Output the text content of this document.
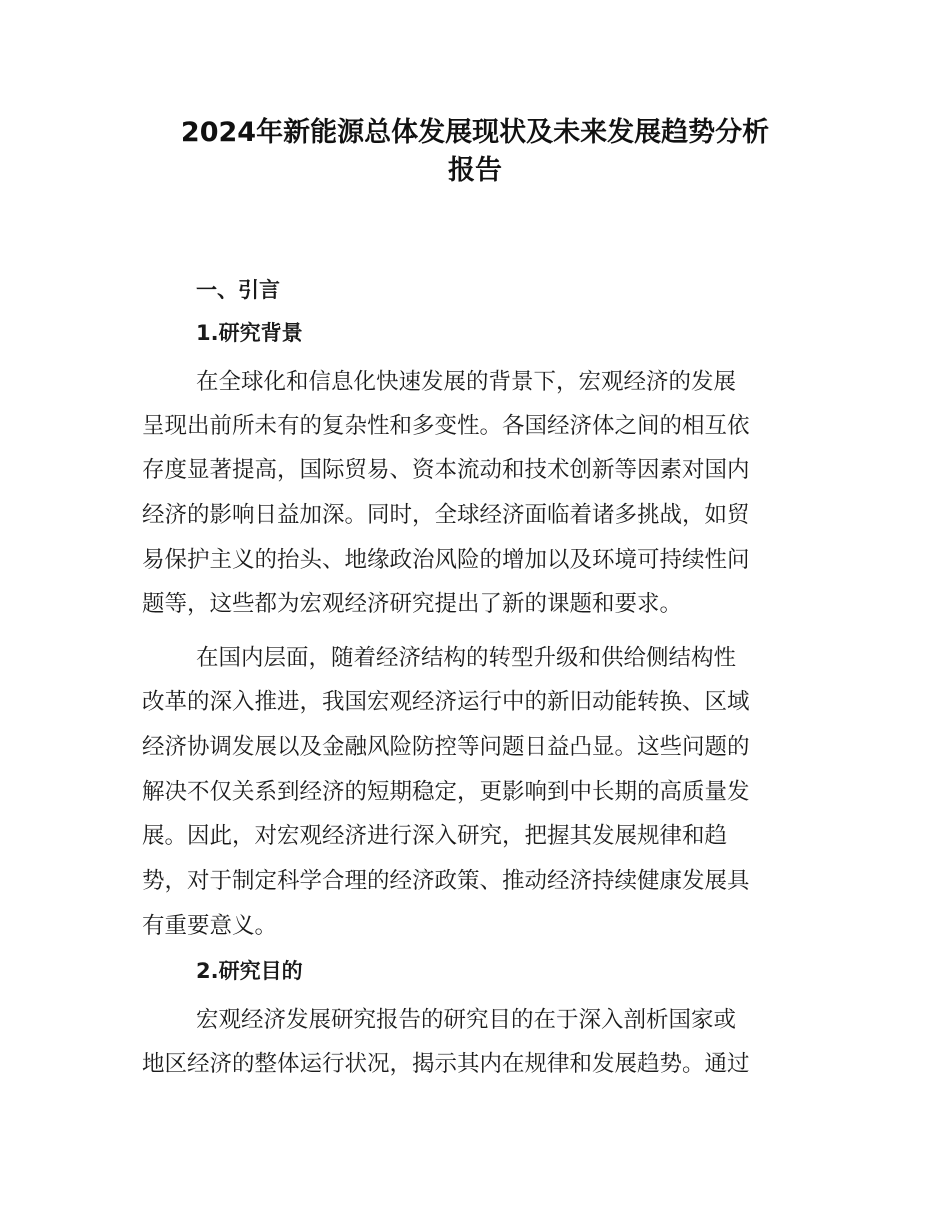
2024年新能源总体发展现状及未来发展趋势分析
报告
一、引言
1.研究背景
在全球化和信息化快速发展的背景下，宏观经济的发展
呈现出前所未有的复杂性和多变性。各国经济体之间的相互依
存度显著提高，国际贸易、资本流动和技术创新等因素对国内
经济的影响日益加深。同时，全球经济面临着诸多挑战，如贸
易保护主义的抬头、地缘政治风险的增加以及环境可持续性问
题等，这些都为宏观经济研究提出了新的课题和要求。
在国内层面，随着经济结构的转型升级和供给侧结构性
改革的深入推进，我国宏观经济运行中的新旧动能转换、区域
经济协调发展以及金融风险防控等问题日益凸显。这些问题的
解决不仅关系到经济的短期稳定，更影响到中长期的高质量发
展。因此，对宏观经济进行深入研究，把握其发展规律和趋
势，对于制定科学合理的经济政策、推动经济持续健康发展具
有重要意义。
2.研究目的
宏观经济发展研究报告的研究目的在于深入剖析国家或
地区经济的整体运行状况，揭示其内在规律和发展趋势。通过
